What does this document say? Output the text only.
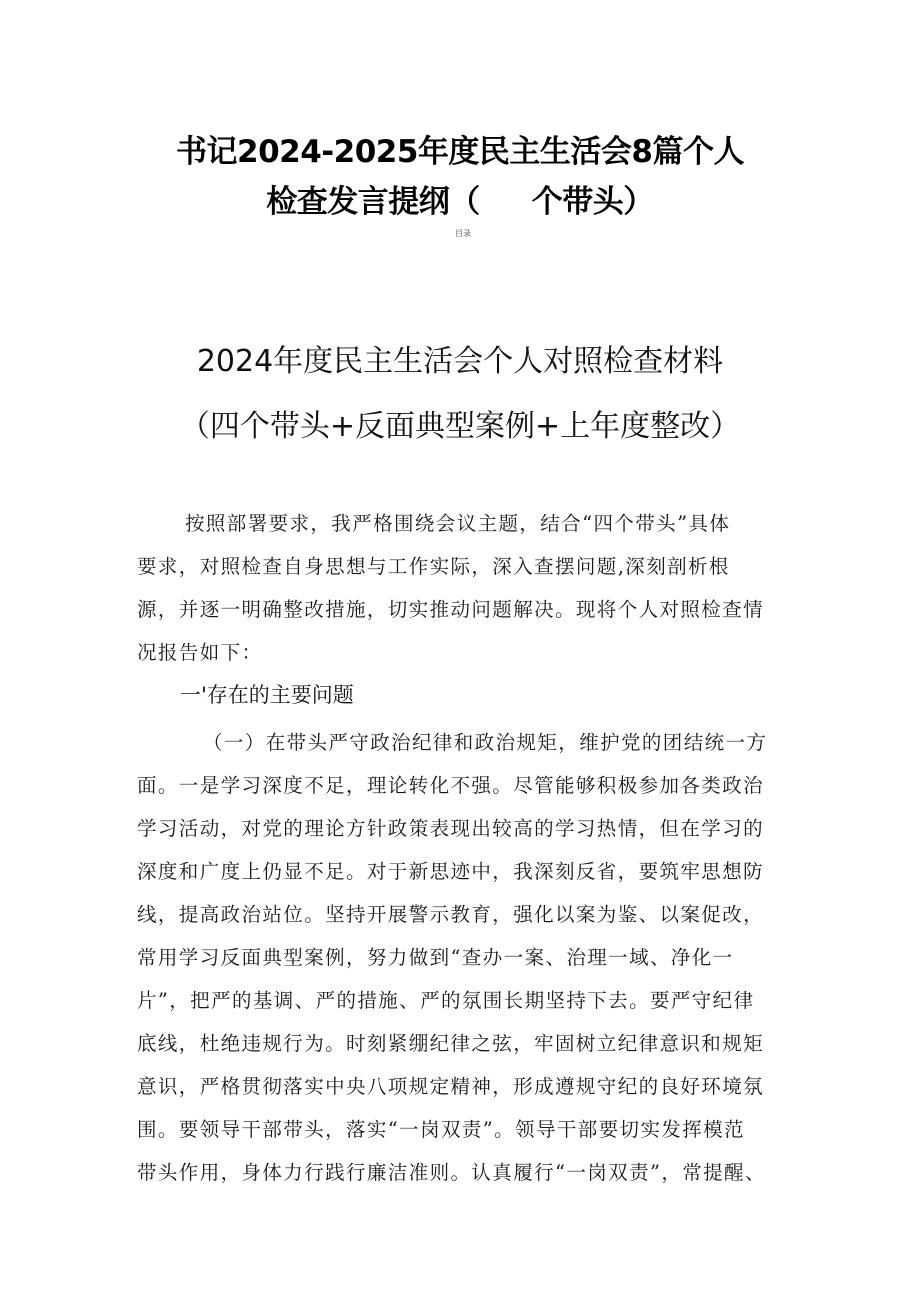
书记2024-2025年度民主生活会8篇个人
检查发言提纲（ 个带头）
目录
2024年度民主生活会个人对照检查材料
（四个带头+反面典型案例+上年度整改）
按照部署要求，我严格围绕会议主题，结合“四个带头”具体
要求，对照检查自身思想与工作实际，深入查摆问题,深刻剖析根
源，并逐一明确整改措施，切实推动问题解决。现将个人对照检查情
况报告如下：
一'存在的主要问题
（一）在带头严守政治纪律和政治规矩，维护党的团结统一方
面。一是学习深度不足，理论转化不强。尽管能够积极参加各类政治
学习活动，对党的理论方针政策表现出较高的学习热情，但在学习的
深度和广度上仍显不足。对于新思迹中，我深刻反省，要筑牢思想防
线，提高政治站位。坚持开展警示教育，强化以案为鉴、以案促改，
常用学习反面典型案例，努力做到“查办一案、治理一域、净化一
片”，把严的基调、严的措施、严的氛围长期坚持下去。要严守纪律
底线，杜绝违规行为。时刻紧绷纪律之弦，牢固树立纪律意识和规矩
意识，严格贯彻落实中央八项规定精神，形成遵规守纪的良好环境氛
围。要领导干部带头，落实“一岗双责”。领导干部要切实发挥模范
带头作用，身体力行践行廉洁准则。认真履行“一岗双责”，常提醒、
